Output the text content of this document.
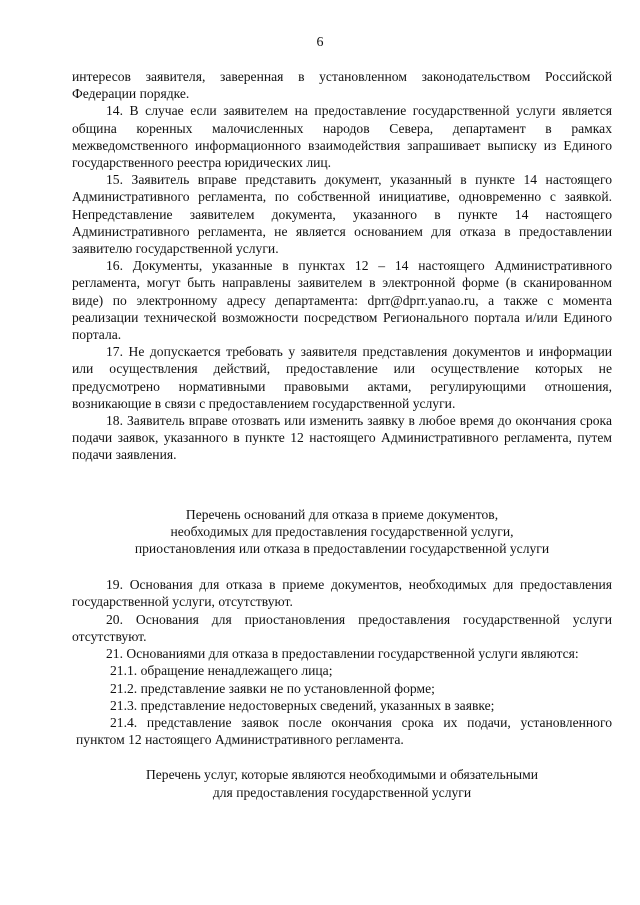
6

интересов заявителя, заверенная в установленном законодательством Российской Федерации порядке.

14. В случае если заявителем на предоставление государственной услуги является община коренных малочисленных народов Севера, департамент в рамках межведомственного информационного взаимодействия запрашивает выписку из Единого государственного реестра юридических лиц.

15. Заявитель вправе представить документ, указанный в пункте 14 настоящего Административного регламента, по собственной инициативе, одновременно с заявкой. Непредставление заявителем документа, указанного в пункте 14 настоящего Административного регламента, не является основанием для отказа в предоставлении заявителю государственной услуги.

16. Документы, указанные в пунктах 12 – 14 настоящего Административного регламента, могут быть направлены заявителем в электронной форме (в сканированном виде) по электронному адресу департамента: dprr@dprr.yanao.ru, а также с момента реализации технической возможности посредством Регионального портала и/или Единого портала.

17. Не допускается требовать у заявителя представления документов и информации или осуществления действий, предоставление или осуществление которых не предусмотрено нормативными правовыми актами, регулирующими отношения, возникающие в связи с предоставлением государственной услуги.

18. Заявитель вправе отозвать или изменить заявку в любое время до окончания срока подачи заявок, указанного в пункте 12 настоящего Административного регламента, путем подачи заявления.

Перечень оснований для отказа в приеме документов,
необходимых для предоставления государственной услуги,
приостановления или отказа в предоставлении государственной услуги

19. Основания для отказа в приеме документов, необходимых для предоставления государственной услуги, отсутствуют.

20. Основания для приостановления предоставления государственной услуги отсутствуют.

21. Основаниями для отказа в предоставлении государственной услуги являются:

21.1. обращение ненадлежащего лица;

21.2. представление заявки не по установленной форме;

21.3. представление недостоверных сведений, указанных в заявке;

21.4. представление заявок после окончания срока их подачи, установленного пунктом 12 настоящего Административного регламента.

Перечень услуг, которые являются необходимыми и обязательными
для предоставления государственной услуги
